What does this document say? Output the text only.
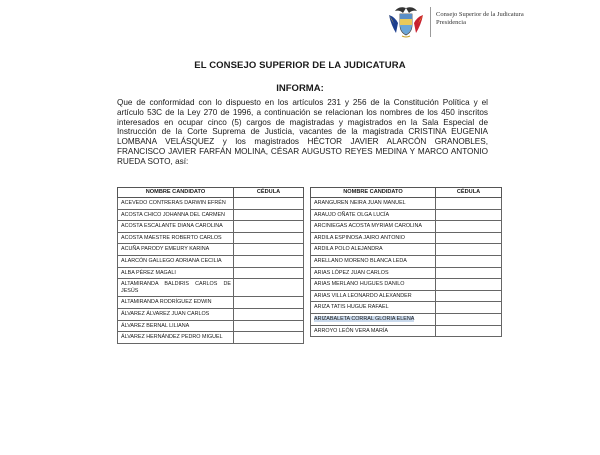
Consejo Superior de la Judicatura
Presidencia
EL CONSEJO SUPERIOR DE LA JUDICATURA
INFORMA:
Que de conformidad con lo dispuesto en los artículos 231 y 256 de la Constitución Política y el artículo 53C de la Ley 270 de 1996, a continuación se relacionan los nombres de los 450 inscritos interesados en ocupar cinco (5) cargos de magistradas y magistrados en la Sala Especial de Instrucción de la Corte Suprema de Justicia, vacantes de la magistrada CRISTINA EUGENIA LOMBANA VELÁSQUEZ y los magistrados HÉCTOR JAVIER ALARCÓN GRANOBLES, FRANCISCO JAVIER FARFÁN MOLINA, CÉSAR AUGUSTO REYES MEDINA Y MARCO ANTONIO RUEDA SOTO, así:
NOMBRE CANDIDATO	CÉDULA
ACEVEDO CONTRERAS DARWIN EFRÉN	
ACOSTA CHICO JOHANNA DEL CARMEN	
ACOSTA ESCALANTE DIANA CAROLINA	
ACOSTA MAESTRE ROBERTO CARLOS	
ACUÑA PARODY EMEURY KARINA	
ALARCÓN GALLEGO ADRIANA CECILIA	
ALBA PÉREZ MAGALI	
ALTAMIRANDA BALDIRIS CARLOS DE JESÚS	
ALTAMIRANDA RODRÍGUEZ EDWIN	
ÁLVAREZ ÁLVAREZ JUAN CARLOS	
ÁLVAREZ BERNAL LILIANA	
ÁLVAREZ HERNÁNDEZ PEDRO MIGUEL	
NOMBRE CANDIDATO	CÉDULA
ARANGUREN NEIRA JUAN MANUEL	
ARAUJO OÑATE OLGA LUCÍA	
ARCINIEGAS ACOSTA MYRIAM CAROLINA	
ARDILA ESPINOSA JAIRO ANTONIO	
ARDILA POLO ALEJANDRA	
ARELLANO MORENO BLANCA LEDA	
ARIAS LÓPEZ JUAN CARLOS	
ARIAS MERLANO HUGUES DANILO	
ARIAS VILLA LEONARDO ALEXANDER	
ARIZA TATIS HUGUE RAFAEL	
ARIZABALETA CORRAL GLORIA ELENA	
ARROYO LEÓN VERA MARÍA	
